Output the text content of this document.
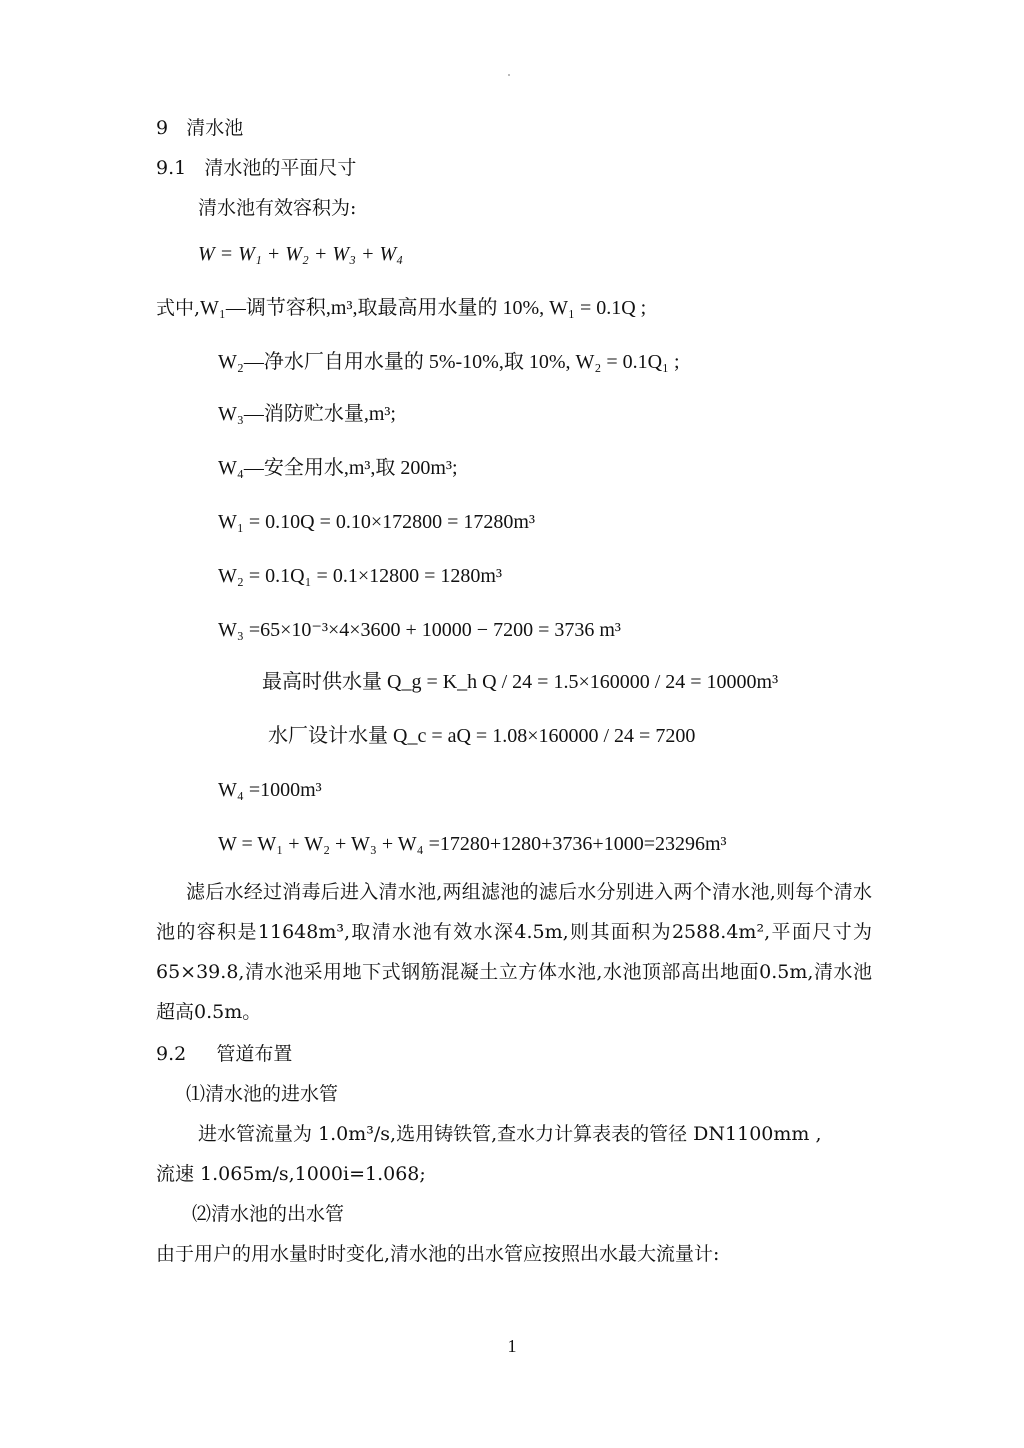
9 清水池
9.1 清水池的平面尺寸
清水池有效容积为:
W = W₁ + W₂ + W₃ + W₄
式中,W₁—调节容积,m³,取最高用水量的 10%, W₁ = 0.1Q ;
W₂—净水厂自用水量的 5%-10%,取 10%, W₂ = 0.1Q₁ ;
W₃—消防贮水量,m³;
W₄—安全用水,m³,取 200m³;
W₁ = 0.10Q = 0.10×172800 = 17280m³
W₂ = 0.1Q₁ = 0.1×12800 = 1280m³
W₃ =65×10⁻³×4×3600 + 10000 − 7200 = 3736 m³
最高时供水量 Q_g = K_h Q / 24 = 1.5×160000 / 24 = 10000m³
水厂设计水量 Q_c = aQ = 1.08×160000 / 24 = 7200
W₄ =1000m³
W = W₁ + W₂ + W₃ + W₄ =17280+1280+3736+1000=23296m³
滤后水经过消毒后进入清水池,两组滤池的滤后水分别进入两个清水池,则每个清水池的容积是11648m³,取清水池有效水深4.5m,则其面积为2588.4m²,平面尺寸为65×39.8,清水池采用地下式钢筋混凝土立方体水池,水池顶部高出地面0.5m,清水池超高0.5m。
9.2 管道布置
⑴清水池的进水管
进水管流量为 1.0m³/s,选用铸铁管,查水力计算表表的管径 DN1100mm ,
流速 1.065m/s,1000i=1.068;
⑵清水池的出水管
由于用户的用水量时时变化,清水池的出水管应按照出水最大流量计:
1
